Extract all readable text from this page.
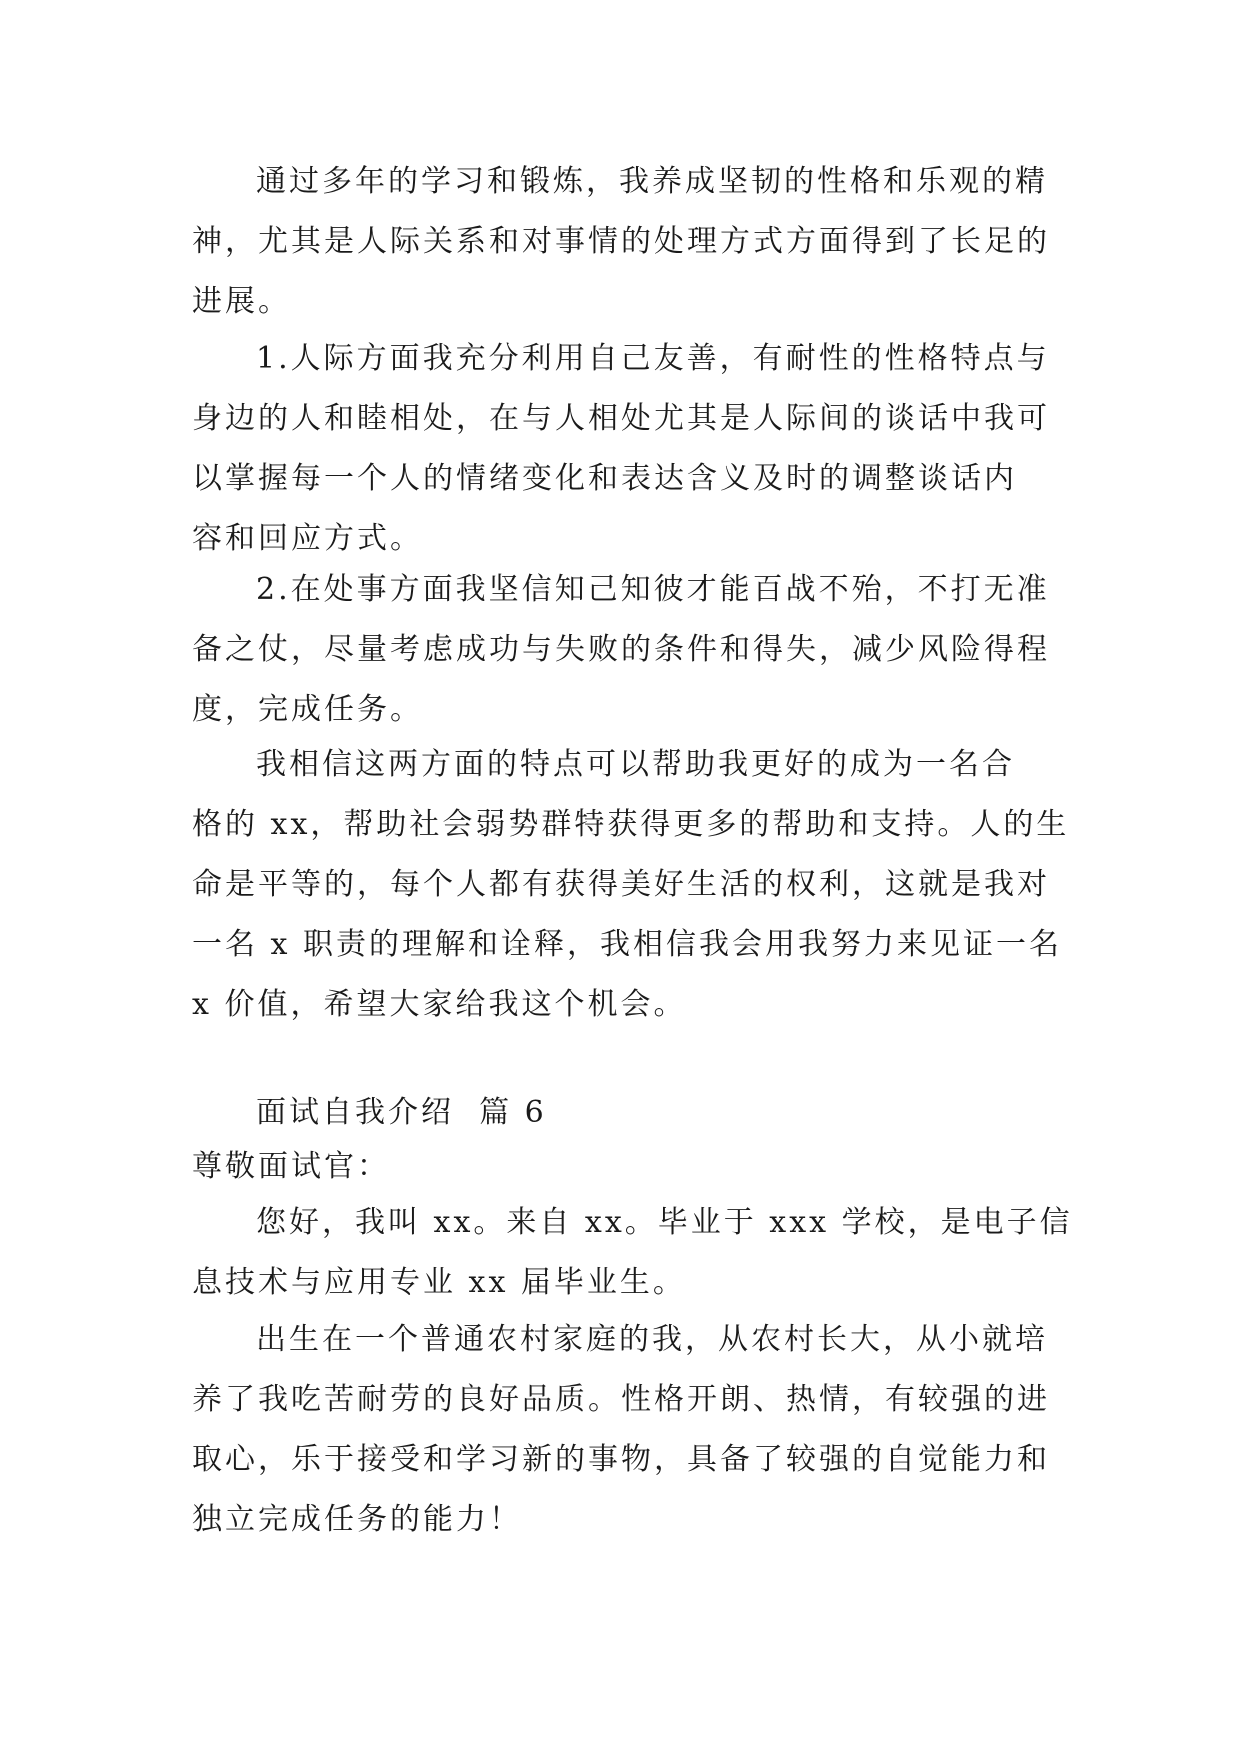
通过多年的学习和锻炼，我养成坚韧的性格和乐观的精

神，尤其是人际关系和对事情的处理方式方面得到了长足的

进展。

1.人际方面我充分利用自己友善，有耐性的性格特点与

身边的人和睦相处，在与人相处尤其是人际间的谈话中我可

以掌握每一个人的情绪变化和表达含义及时的调整谈话内

容和回应方式。

2.在处事方面我坚信知己知彼才能百战不殆，不打无准

备之仗，尽量考虑成功与失败的条件和得失，减少风险得程

度，完成任务。

我相信这两方面的特点可以帮助我更好的成为一名合

格的 xx，帮助社会弱势群特获得更多的帮助和支持。人的生

命是平等的，每个人都有获得美好生活的权利，这就是我对

一名 x 职责的理解和诠释，我相信我会用我努力来见证一名

x 价值，希望大家给我这个机会。

面试自我介绍  篇 6

尊敬面试官：

您好，我叫 xx。来自 xx。毕业于 xxx 学校，是电子信

息技术与应用专业 xx 届毕业生。

出生在一个普通农村家庭的我，从农村长大，从小就培

养了我吃苦耐劳的良好品质。性格开朗、热情，有较强的进

取心，乐于接受和学习新的事物，具备了较强的自觉能力和

独立完成任务的能力！
